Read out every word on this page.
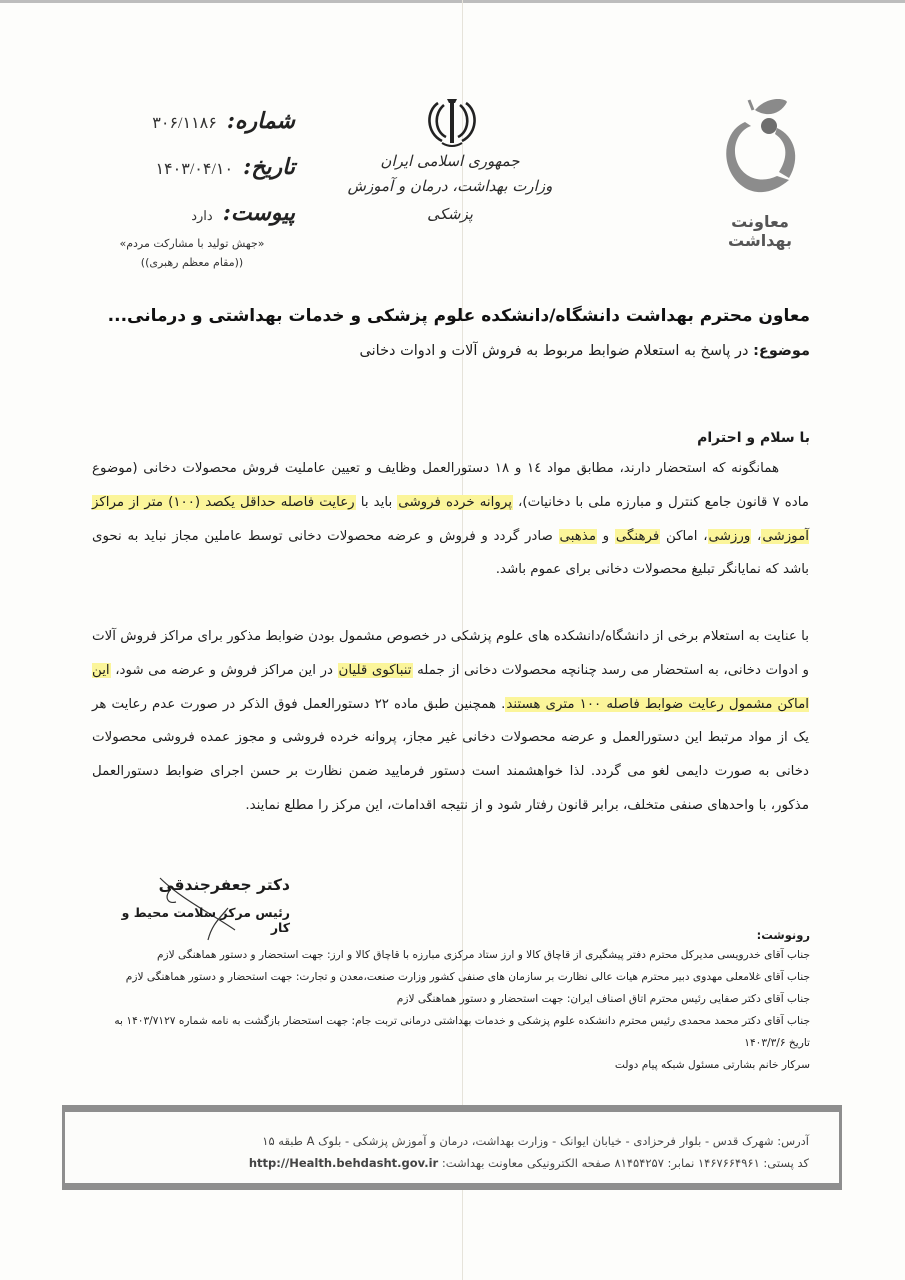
شماره:
۳۰۶/۱۱۸۶
تاریخ:
۱۴۰۳/۰۴/۱۰
پیوست:
دارد
«جهش تولید با مشارکت مردم»
((مقام معظم رهبری))
جمهوری اسلامی ایران
وزارت بهداشت، درمان و آموزش پزشکی	معاونت بهداشت
معاون محترم بهداشت دانشگاه/دانشکده علوم پزشکی و خدمات بهداشتی و درمانی...
موضوع: در پاسخ به استعلام ضوابط مربوط به فروش آلات و ادوات دخانی
با سلام و احترام
همانگونه که استحضار دارند، مطابق مواد ۱٤ و ۱۸ دستورالعمل وظایف و تعیین عاملیت فروش محصولات دخانی (موضوع ماده ۷ قانون جامع کنترل و مبارزه ملی با دخانیات)، پروانه خرده فروشی باید با رعایت فاصله حداقل یکصد (۱۰۰) متر از مراکز آموزشی، ورزشی، اماکن فرهنگی و مذهبی صادر گردد و فروش و عرضه محصولات دخانی توسط عاملین مجاز نباید به نحوی باشد که نمایانگر تبلیغ محصولات دخانی برای عموم باشد.
با عنایت به استعلام برخی از دانشگاه/دانشکده های علوم پزشکی در خصوص مشمول بودن ضوابط مذکور برای مراکز فروش آلات و ادوات دخانی، به استحضار می رسد چنانچه محصولات دخانی از جمله تنباکوی قلیان در این مراکز فروش و عرضه می شود، این اماکن مشمول رعایت ضوابط فاصله ۱۰۰ متری هستند. همچنین طبق ماده ۲۲ دستورالعمل فوق الذکر در صورت عدم رعایت هر یک از مواد مرتبط این دستورالعمل و عرضه محصولات دخانی غیر مجاز، پروانه خرده فروشی و مجوز عمده فروشی محصولات دخانی به صورت دایمی لغو می گردد. لذا خواهشمند است دستور فرمایید ضمن نظارت بر حسن اجرای ضوابط دستورالعمل مذکور، با واحدهای صنفی متخلف، برابر قانون رفتار شود و از نتیجه اقدامات، این مرکز را مطلع نمایند.
دکتر جعفرجندقی
رئیس مرکز سلامت محیط و کار	رونوشت:
جناب آقای خدرویسی مدیرکل محترم دفتر پیشگیری از قاچاق کالا و ارز ستاد مرکزی مبارزه با قاچاق کالا و ارز: جهت استحضار و دستور هماهنگی لازم
جناب آقای غلامعلی مهدوی دبیر محترم هیات عالی نظارت بر سازمان های صنفی کشور وزارت صنعت،معدن و تجارت: جهت استحضار و دستور هماهنگی لازم
جناب آقای دکتر صفایی رئیس محترم اتاق اصناف ایران: جهت استحضار و دستور هماهنگی لازم
جناب آقای دکتر محمد محمدی رئیس محترم دانشکده علوم پزشکی و خدمات بهداشتی درمانی تربت جام: جهت استحضار بازگشت به نامه شماره ۱۴۰۳/۷۱۲۷ به تاریخ ۱۴۰۳/۳/۶
سرکار خانم بشارتی مسئول شبکه پیام دولت
آدرس: شهرک قدس - بلوار فرحزادی - خیابان ایوانک - وزارت بهداشت، درمان و آموزش پزشکی - بلوک A طبقه ۱۵
کد پستی: ۱۴۶۷۶۶۴۹۶۱ نمابر: ۸۱۴۵۴۲۵۷ صفحه الکترونیکی معاونت بهداشت: http://Health.behdasht.gov.ir
